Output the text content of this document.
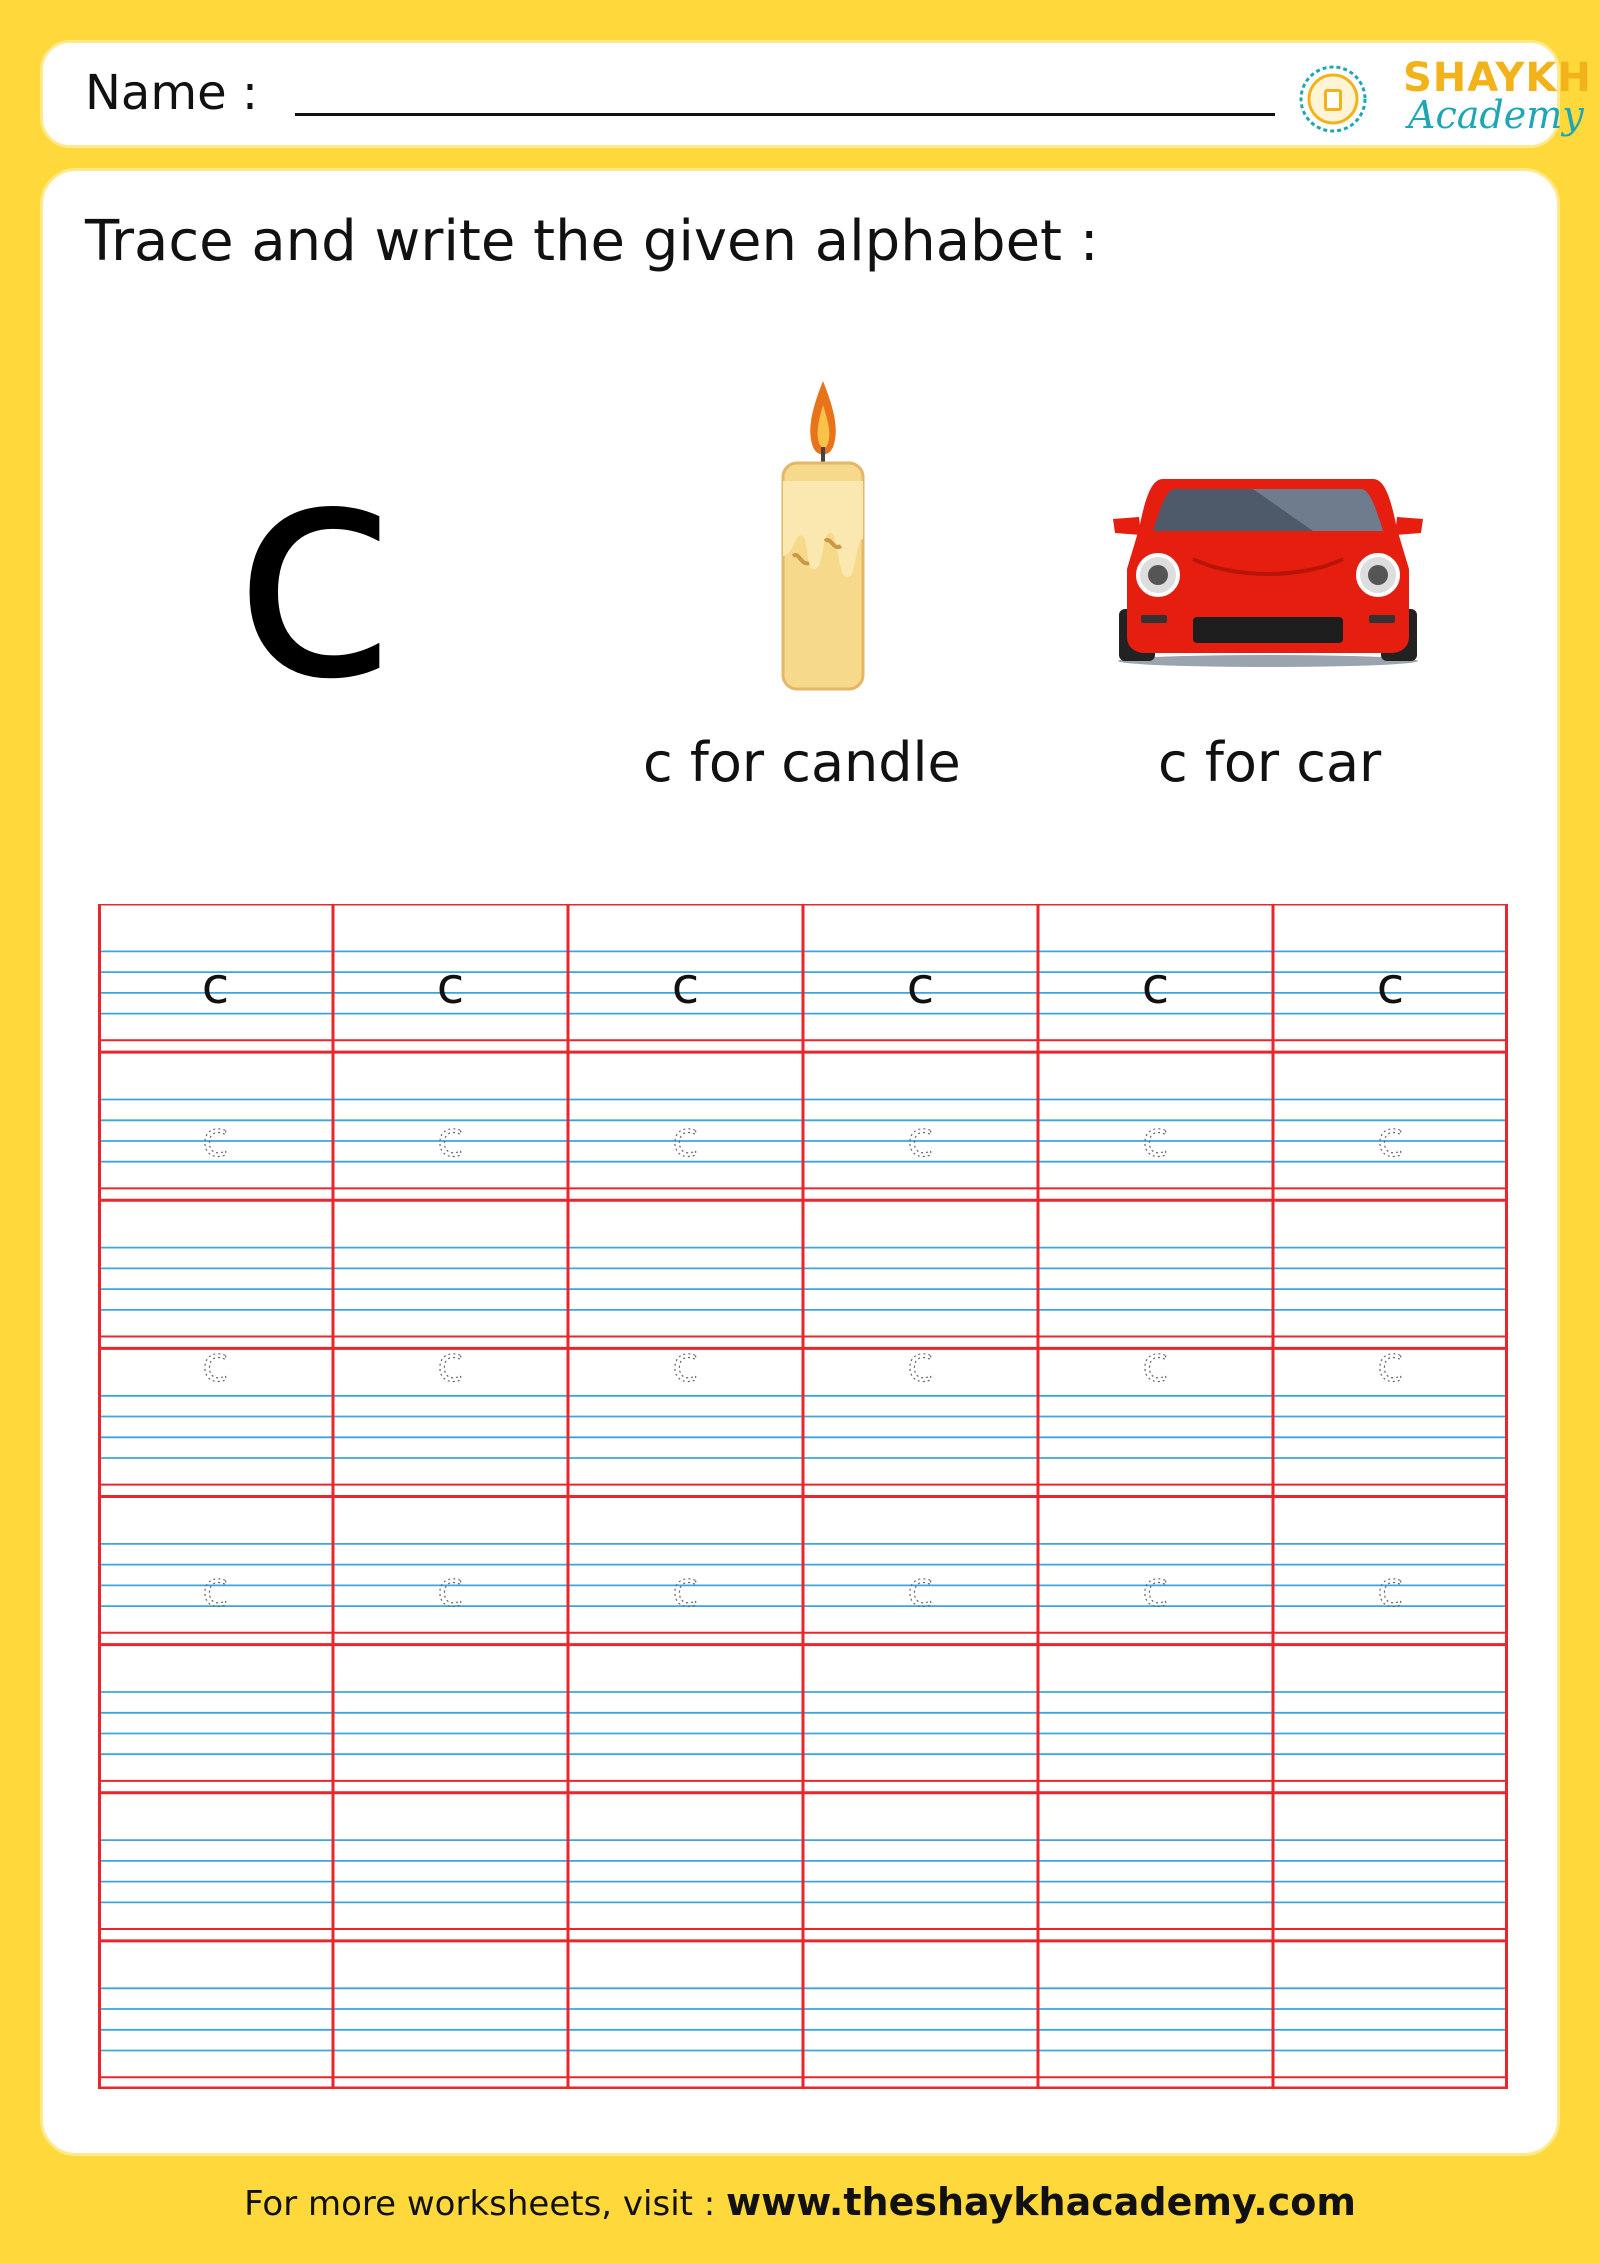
Name :	SHAYKH
Academy
Trace and write the given alphabet :
c
c for candle	c for car
c
c
c
c
c
c
c
c
c
c
c
c
c
c
c
c
c
c
c
c
c
c
c
c
For more worksheets, visit : www.theshaykhacademy.com
